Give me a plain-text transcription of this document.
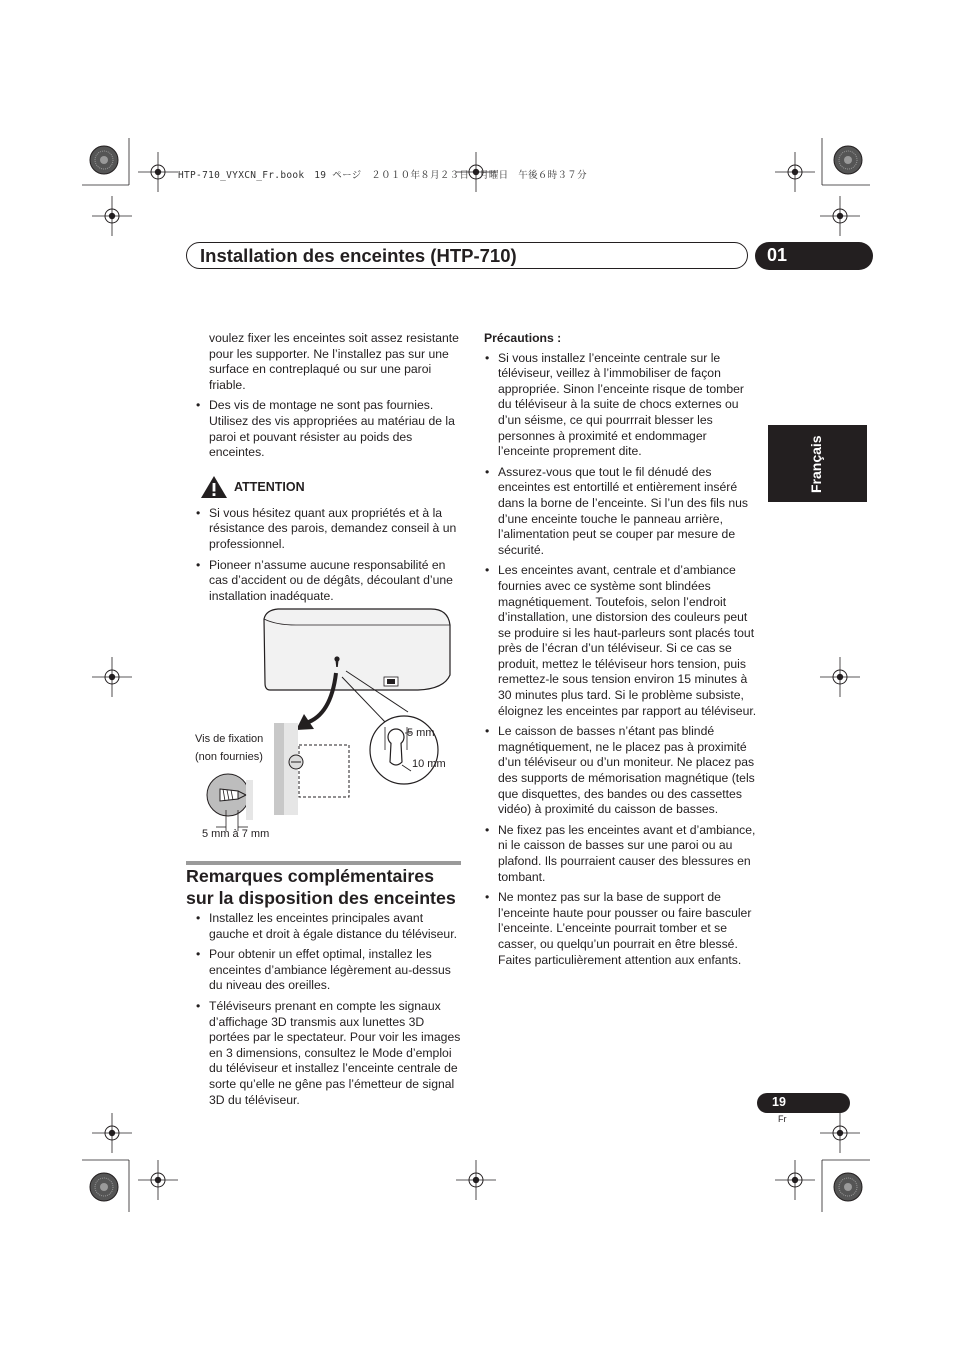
HTP-710_VYXCN_Fr.book　19 ページ　２０１０年８月２３日　月曜日　午後６時３７分
Installation des enceintes (HTP-710)	01
Français

voulez fixer les enceintes soit assez resistante pour les supporter. Ne l’installez pas sur une surface en contreplaqué ou sur une paroi friable.

• Des vis de montage ne sont pas fournies. Utilisez des vis appropriées au matériau de la paroi et pouvant résister au poids des enceintes.
ATTENTION
• Si vous hésitez quant aux propriétés et à la résistance des parois, demandez conseil à un professionnel.
• Pioneer n’assume aucune responsabilité en cas d’accident ou de dégâts, découlant d’une installation inadéquate.
Vis de fixation
(non fournies)
5 mm
10 mm
5 mm à 7 mm
Remarques complémentaires
sur la disposition des enceintes
• Installez les enceintes principales avant gauche et droit à égale distance du téléviseur.
• Pour obtenir un effet optimal, installez les enceintes d’ambiance légèrement au-dessus du niveau des oreilles.
• Téléviseurs prenant en compte les signaux d’affichage 3D transmis aux lunettes 3D portées par le spectateur. Pour voir les images en 3 dimensions, consultez le Mode d’emploi du téléviseur et installez l’enceinte centrale de sorte qu’elle ne gêne pas l’émetteur de signal 3D du téléviseur.

Précautions :

• Si vous installez l’enceinte centrale sur le téléviseur, veillez à l’immobiliser de façon appropriée. Sinon l’enceinte risque de tomber du téléviseur à la suite de chocs externes ou d’un séisme, ce qui pourrrait blesser les personnes à proximité et endommager l’enceinte proprement dite.
• Assurez-vous que tout le fil dénudé des enceintes est entortillé et entièrement inséré dans la borne de l’enceinte. Si l’un des fils nus d’une enceinte touche le panneau arrière, l’alimentation peut se couper par mesure de sécurité.
• Les enceintes avant, centrale et d’ambiance fournies avec ce système sont blindées magnétiquement. Toutefois, selon l’endroit d’installation, une distorsion des couleurs peut se produire si les haut-parleurs sont placés tout près de l’écran d’un téléviseur. Si ce cas se produit, mettez le téléviseur hors tension, puis remettez-le sous tension environ 15 minutes à 30 minutes plus tard. Si le problème subsiste, éloignez les enceintes par rapport au téléviseur.
• Le caisson de basses n’étant pas blindé magnétiquement, ne le placez pas à proximité d’un téléviseur ou d’un moniteur. Ne placez pas des supports de mémorisation magnétique (tels que disquettes, des bandes ou des cassettes vidéo) à proximité du caisson de basses.
• Ne fixez pas les enceintes avant et d’ambiance, ni le caisson de basses sur une paroi ou au plafond. Ils pourraient causer des blessures en tombant.
• Ne montez pas sur la base de support de l’enceinte haute pour pousser ou faire basculer l’enceinte. L’enceinte pourrait tomber et se casser, ou quelqu’un pourrait en être blessé. Faites particulièrement attention aux enfants.
19
Fr
